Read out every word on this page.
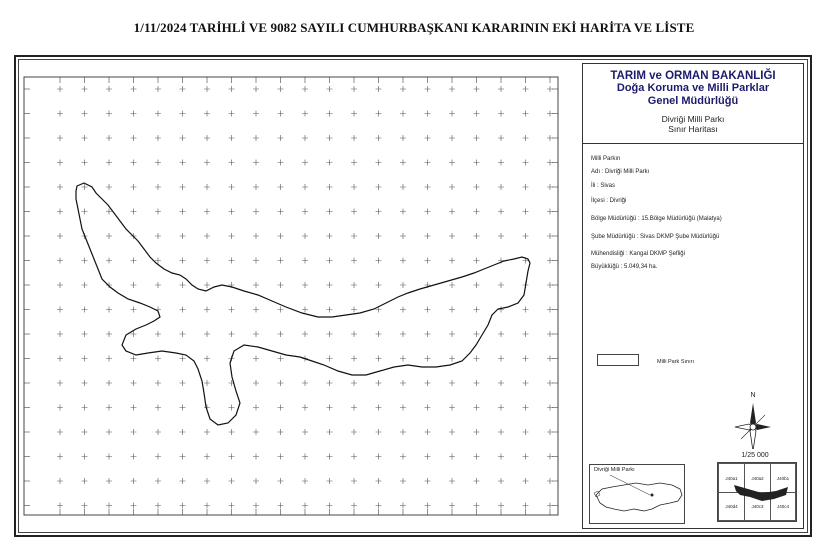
1/11/2024 TARİHLİ VE 9082 SAYILI CUMHURBAŞKANI KARARININ EKİ HARİTA VE LİSTE
TARIM ve ORMAN BAKANLIĞI
Doğa Koruma ve Milli Parklar
Genel Müdürlüğü
Divriği Milli Parkı
Sınır Haritası
Milli Parkın
Adı : Divriği Milli Parkı
İli : Sivas
İlçesi : Divriği
Bölge Müdürlüğü : 15.Bölge Müdürlüğü (Malatya)
Şube Müdürlüğü : Sivas DKMP Şube Müdürlüğü
Mühendisliği : Kangal DKMP Şefliği
Büyüklüğü : 5.049,34 ha.
Milli Park Sınırı
N
1/25 000
Divriği Milli Parkı
J40a1	J40a2	J40b1
J40d4	J40c3	J40c4
